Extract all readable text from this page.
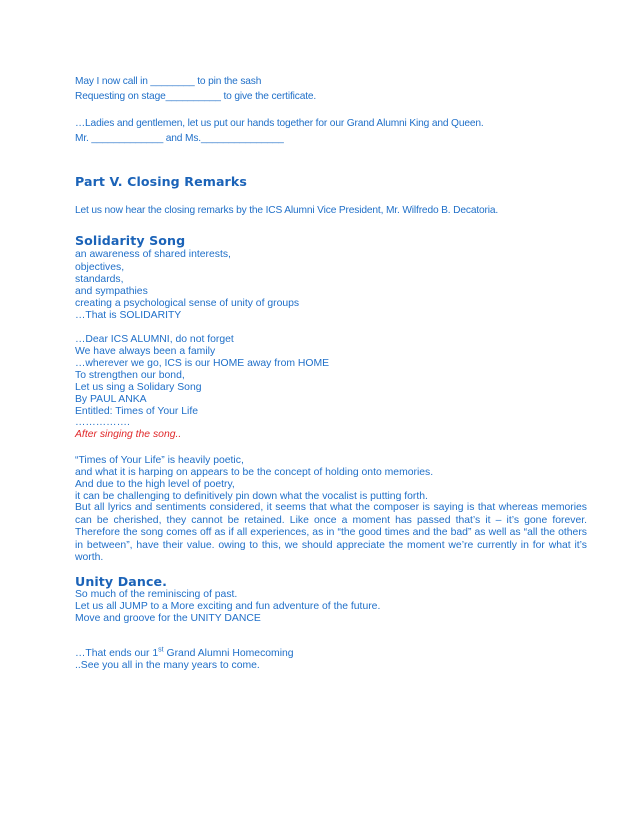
May I now call in ________ to pin the sash
Requesting on stage__________ to give the certificate.
…Ladies and gentlemen, let us put our hands together for our Grand Alumni King and Queen.
Mr. _____________ and Ms._______________
Part V. Closing Remarks
Let us now hear the closing remarks by the ICS Alumni Vice President, Mr. Wilfredo B. Decatoria.
Solidarity Song
an awareness of shared interests,
objectives,
standards,
and sympathies
creating a psychological sense of unity of groups
…That is SOLIDARITY
…Dear ICS ALUMNI, do not forget
We have always been a family
…wherever we go, ICS is our HOME away from HOME
To strengthen our bond,
Let us sing a Solidary Song
By PAUL ANKA
Entitled: Times of Your Life
…………….
After singing the song..
“Times of Your Life” is heavily poetic,
and what it is harping on appears to be the concept of holding onto memories.
And due to the high level of poetry,
it can be challenging to definitively pin down what the vocalist is putting forth.
But all lyrics and sentiments considered, it seems that what the composer is saying is that whereas memories can be cherished, they cannot be retained. Like once a moment has passed that’s it – it’s gone forever. Therefore the song comes off as if all experiences, as in “the good times and the bad” as well as “all the others in between”, have their value. owing to this, we should appreciate the moment we’re currently in for what it’s worth.
Unity Dance.
So much of the reminiscing of past.
Let us all JUMP to a More exciting and fun adventure of the future.
Move and groove for the UNITY DANCE
…That ends our 1st Grand Alumni Homecoming
..See you all in the many years to come.
